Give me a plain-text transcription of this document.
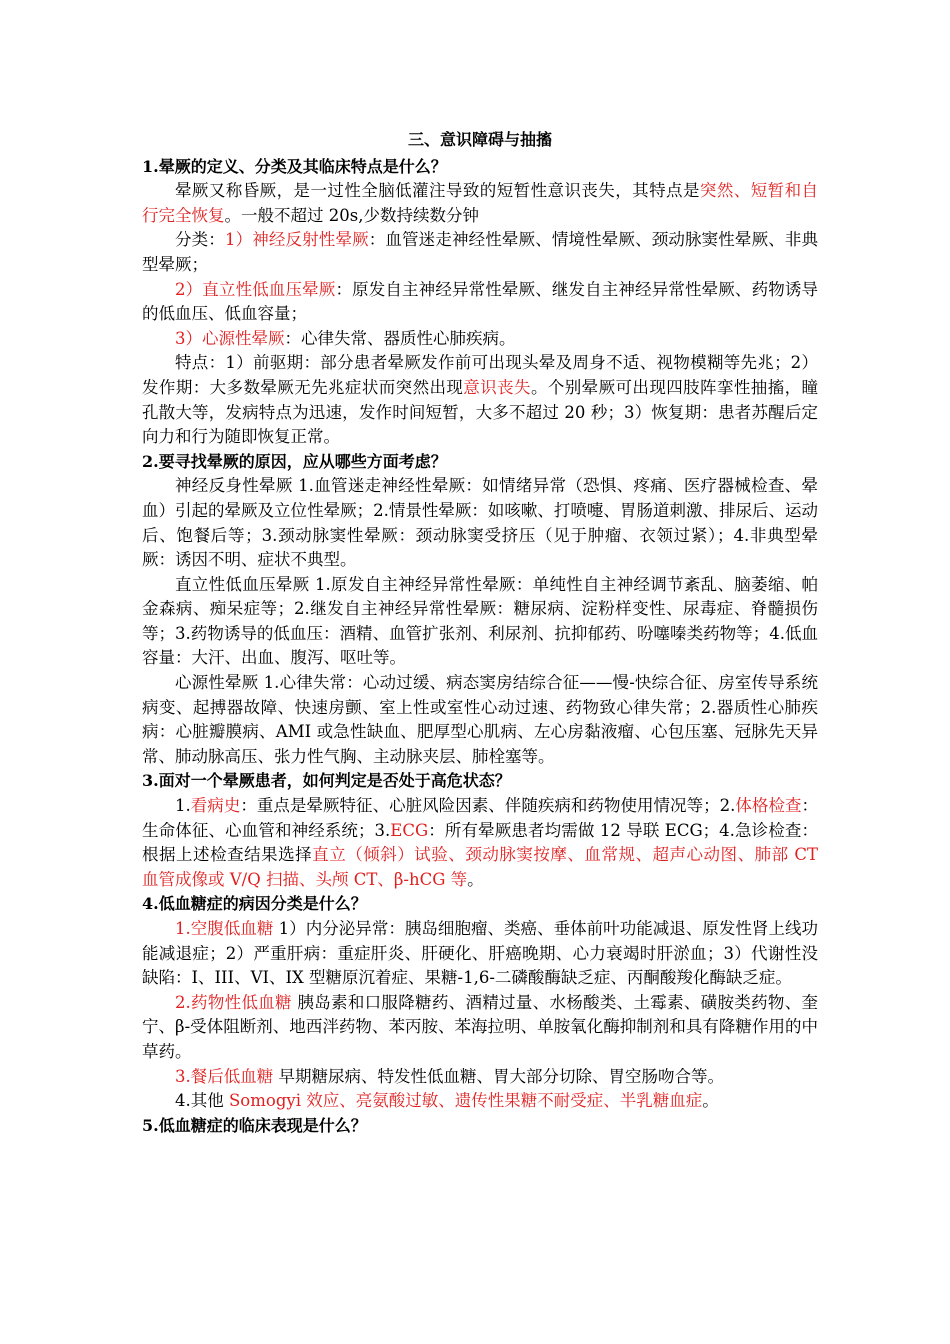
三、意识障碍与抽搐

1.晕厥的定义、分类及其临床特点是什么？

晕厥又称昏厥，是一过性全脑低灌注导致的短暂性意识丧失，其特点是突然、短暂和自行完全恢复。一般不超过 20s,少数持续数分钟

分类：1）神经反射性晕厥：血管迷走神经性晕厥、情境性晕厥、颈动脉窦性晕厥、非典型晕厥；

2）直立性低血压晕厥：原发自主神经异常性晕厥、继发自主神经异常性晕厥、药物诱导的低血压、低血容量；

3）心源性晕厥：心律失常、器质性心肺疾病。

特点：1）前驱期：部分患者晕厥发作前可出现头晕及周身不适、视物模糊等先兆；2）发作期：大多数晕厥无先兆症状而突然出现意识丧失。个别晕厥可出现四肢阵挛性抽搐，瞳孔散大等，发病特点为迅速，发作时间短暂，大多不超过 20 秒；3）恢复期：患者苏醒后定向力和行为随即恢复正常。

2.要寻找晕厥的原因，应从哪些方面考虑？

神经反身性晕厥 1.血管迷走神经性晕厥：如情绪异常（恐惧、疼痛、医疗器械检查、晕血）引起的晕厥及立位性晕厥；2.情景性晕厥：如咳嗽、打喷嚏、胃肠道刺激、排尿后、运动后、饱餐后等；3.颈动脉窦性晕厥：颈动脉窦受挤压（见于肿瘤、衣领过紧）；4.非典型晕厥：诱因不明、症状不典型。

直立性低血压晕厥 1.原发自主神经异常性晕厥：单纯性自主神经调节紊乱、脑萎缩、帕金森病、痴呆症等；2.继发自主神经异常性晕厥：糖尿病、淀粉样变性、尿毒症、脊髓损伤等；3.药物诱导的低血压：酒精、血管扩张剂、利尿剂、抗抑郁药、吩噻嗪类药物等；4.低血容量：大汗、出血、腹泻、呕吐等。

心源性晕厥 1.心律失常：心动过缓、病态窦房结综合征——慢-快综合征、房室传导系统病变、起搏器故障、快速房颤、室上性或室性心动过速、药物致心律失常；2.器质性心肺疾病：心脏瓣膜病、AMI 或急性缺血、肥厚型心肌病、左心房黏液瘤、心包压塞、冠脉先天异常、肺动脉高压、张力性气胸、主动脉夹层、肺栓塞等。

3.面对一个晕厥患者，如何判定是否处于高危状态？

1.看病史：重点是晕厥特征、心脏风险因素、伴随疾病和药物使用情况等；2.体格检查：生命体征、心血管和神经系统；3.ECG：所有晕厥患者均需做 12 导联 ECG；4.急诊检查：根据上述检查结果选择直立（倾斜）试验、颈动脉窦按摩、血常规、超声心动图、肺部 CT 血管成像或 V/Q 扫描、头颅 CT、β-hCG 等。

4.低血糖症的病因分类是什么？

1.空腹低血糖 1）内分泌异常：胰岛细胞瘤、类癌、垂体前叶功能减退、原发性肾上线功能减退症；2）严重肝病：重症肝炎、肝硬化、肝癌晚期、心力衰竭时肝淤血；3）代谢性没缺陷：I、III、VI、IX 型糖原沉着症、果糖-1,6-二磷酸酶缺乏症、丙酮酸羧化酶缺乏症。

2.药物性低血糖 胰岛素和口服降糖药、酒精过量、水杨酸类、土霉素、磺胺类药物、奎宁、β-受体阻断剂、地西泮药物、苯丙胺、苯海拉明、单胺氧化酶抑制剂和具有降糖作用的中草药。

3.餐后低血糖 早期糖尿病、特发性低血糖、胃大部分切除、胃空肠吻合等。

4.其他 Somogyi 效应、亮氨酸过敏、遗传性果糖不耐受症、半乳糖血症。

5.低血糖症的临床表现是什么？
